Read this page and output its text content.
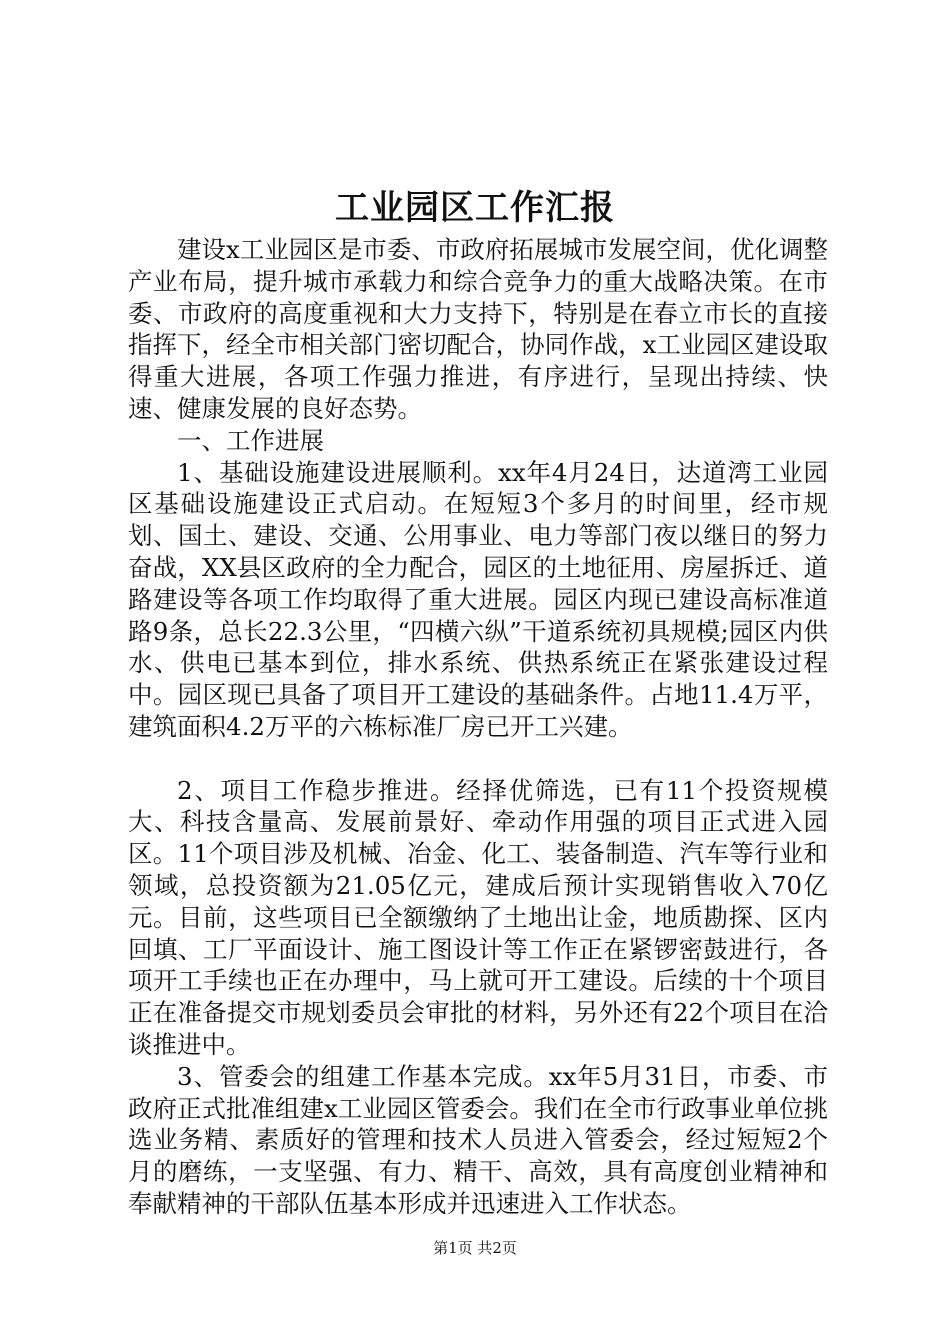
工业园区工作汇报

建设x工业园区是市委、市政府拓展城市发展空间，优化调整产业布局，提升城市承载力和综合竞争力的重大战略决策。在市委、市政府的高度重视和大力支持下，特别是在春立市长的直接指挥下，经全市相关部门密切配合，协同作战，x工业园区建设取得重大进展，各项工作强力推进，有序进行，呈现出持续、快速、健康发展的良好态势。

一、工作进展

1、基础设施建设进展顺利。xx年4月24日，达道湾工业园区基础设施建设正式启动。在短短3个多月的时间里，经市规划、国土、建设、交通、公用事业、电力等部门夜以继日的努力奋战，XX县区政府的全力配合，园区的土地征用、房屋拆迁、道路建设等各项工作均取得了重大进展。园区内现已建设高标准道路9条，总长22.3公里，“四横六纵”干道系统初具规模;园区内供水、供电已基本到位，排水系统、供热系统正在紧张建设过程中。园区现已具备了项目开工建设的基础条件。占地11.4万平，建筑面积4.2万平的六栋标准厂房已开工兴建。

2、项目工作稳步推进。经择优筛选，已有11个投资规模大、科技含量高、发展前景好、牵动作用强的项目正式进入园区。11个项目涉及机械、冶金、化工、装备制造、汽车等行业和领域，总投资额为21.05亿元，建成后预计实现销售收入70亿元。目前，这些项目已全额缴纳了土地出让金，地质勘探、区内回填、工厂平面设计、施工图设计等工作正在紧锣密鼓进行，各项开工手续也正在办理中，马上就可开工建设。后续的十个项目正在准备提交市规划委员会审批的材料，另外还有22个项目在洽谈推进中。

3、管委会的组建工作基本完成。xx年5月31日，市委、市政府正式批准组建x工业园区管委会。我们在全市行政事业单位挑选业务精、素质好的管理和技术人员进入管委会，经过短短2个月的磨练，一支坚强、有力、精干、高效，具有高度创业精神和奉献精神的干部队伍基本形成并迅速进入工作状态。

第1页 共2页
